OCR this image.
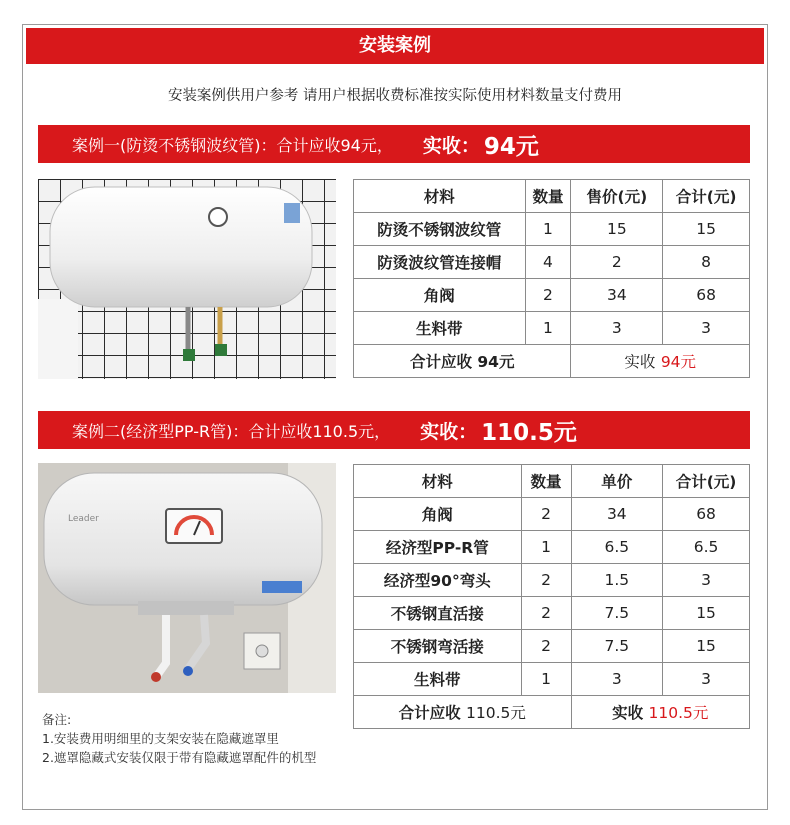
安装案例
安装案例供用户参考 请用户根据收费标准按实际使用材料数量支付费用
案例一(防烫不锈钢波纹管)：合计应收94元， 实收： 94元
材料	数量	售价(元)	合计(元)
防烫不锈钢波纹管	1	15	15
防烫波纹管连接帽	4	2	8
角阀	2	34	68
生料带	1	3	3
合计应收 94元		实收 94元	
案例二(经济型PP-R管)：合计应收110.5元， 实收： 110.5元
Leader
材料	数量	单价	合计(元)
角阀	2	34	68
经济型PP-R管	1	6.5	6.5
经济型90°弯头	2	1.5	3
不锈钢直活接	2	7.5	15
不锈钢弯活接	2	7.5	15
生料带	1	3	3
合计应收 110.5元		实收 110.5元	
备注:
1.安装费用明细里的支架安装在隐藏遮罩里
2.遮罩隐藏式安装仅限于带有隐藏遮罩配件的机型
